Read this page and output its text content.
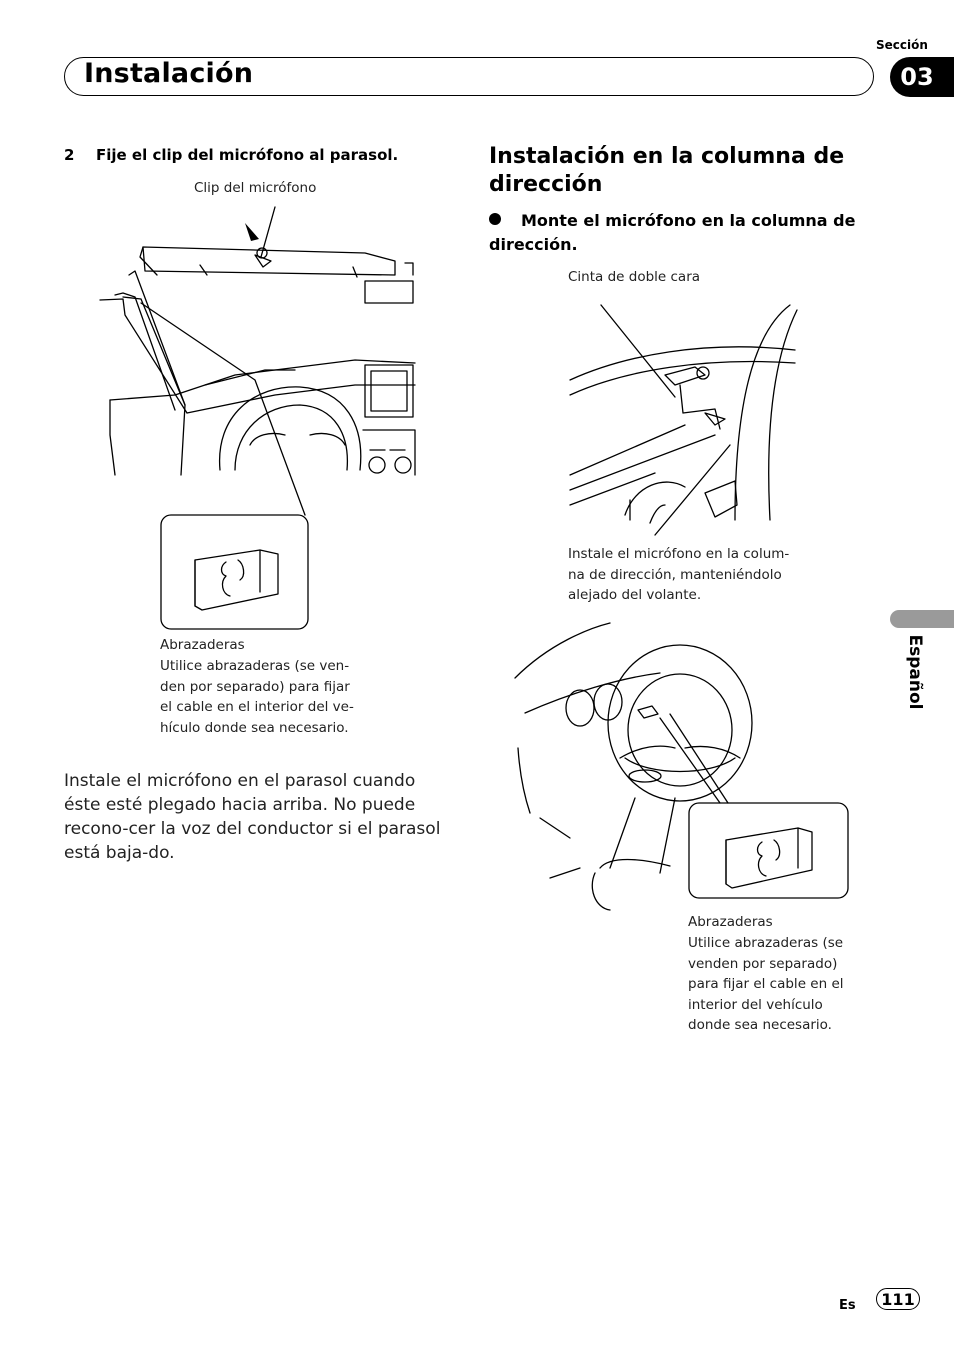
Sección
Instalación	03
2 Fije el clip del micrófono al parasol.
Clip del micrófono
Abrazaderas
Utilice abrazaderas (se ven-den por separado) para fijar el cable en el interior del ve-hículo donde sea necesario.
Instale el micrófono en el parasol cuando éste esté plegado hacia arriba. No puede recono-cer la voz del conductor si el parasol está baja-do.
Instalación en la columna de dirección
Monte el micrófono en la columna de dirección.
Cinta de doble cara
Instale el micrófono en la colum-na de dirección, manteniéndolo alejado del volante.
Abrazaderas
Utilice abrazaderas (se venden por separado) para fijar el cable en el interior del vehículo donde sea necesario.
Español
Es	111
